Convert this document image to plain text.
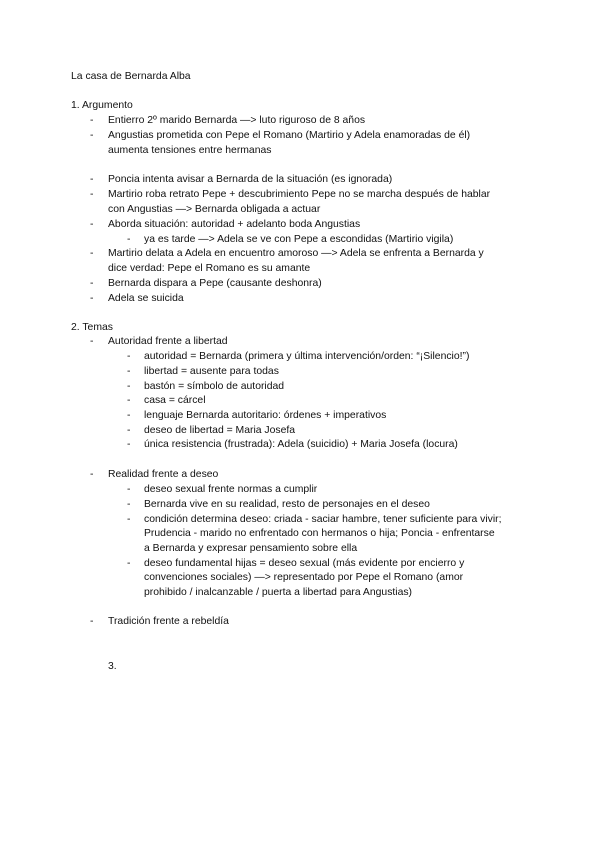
La casa de Bernarda Alba
1. Argumento
- Entierro 2º marido Bernarda —> luto riguroso de 8 años
- Angustias prometida con Pepe el Romano (Martirio y Adela enamoradas de él)
aumenta tensiones entre hermanas
- Poncia intenta avisar a Bernarda de la situación (es ignorada)
- Martirio roba retrato Pepe + descubrimiento Pepe no se marcha después de hablar
con Angustias —> Bernarda obligada a actuar
- Aborda situación: autoridad + adelanto boda Angustias
- ya es tarde —> Adela se ve con Pepe a escondidas (Martirio vigila)
- Martirio delata a Adela en encuentro amoroso —> Adela se enfrenta a Bernarda y
dice verdad: Pepe el Romano es su amante
- Bernarda dispara a Pepe (causante deshonra)
- Adela se suicida
2. Temas
- Autoridad frente a libertad
- autoridad = Bernarda (primera y última intervención/orden: “¡Silencio!”)
- libertad = ausente para todas
- bastón = símbolo de autoridad
- casa = cárcel
- lenguaje Bernarda autoritario: órdenes + imperativos
- deseo de libertad = Maria Josefa
- única resistencia (frustrada): Adela (suicidio) + Maria Josefa (locura)
- Realidad frente a deseo
- deseo sexual frente normas a cumplir
- Bernarda vive en su realidad, resto de personajes en el deseo
- condición determina deseo: criada - saciar hambre, tener suficiente para vivir;
Prudencia - marido no enfrentado con hermanos o hija; Poncia - enfrentarse
a Bernarda y expresar pensamiento sobre ella
- deseo fundamental hijas = deseo sexual (más evidente por encierro y
convenciones sociales) —> representado por Pepe el Romano (amor
prohibido / inalcanzable / puerta a libertad para Angustias)
- Tradición frente a rebeldía
3.
